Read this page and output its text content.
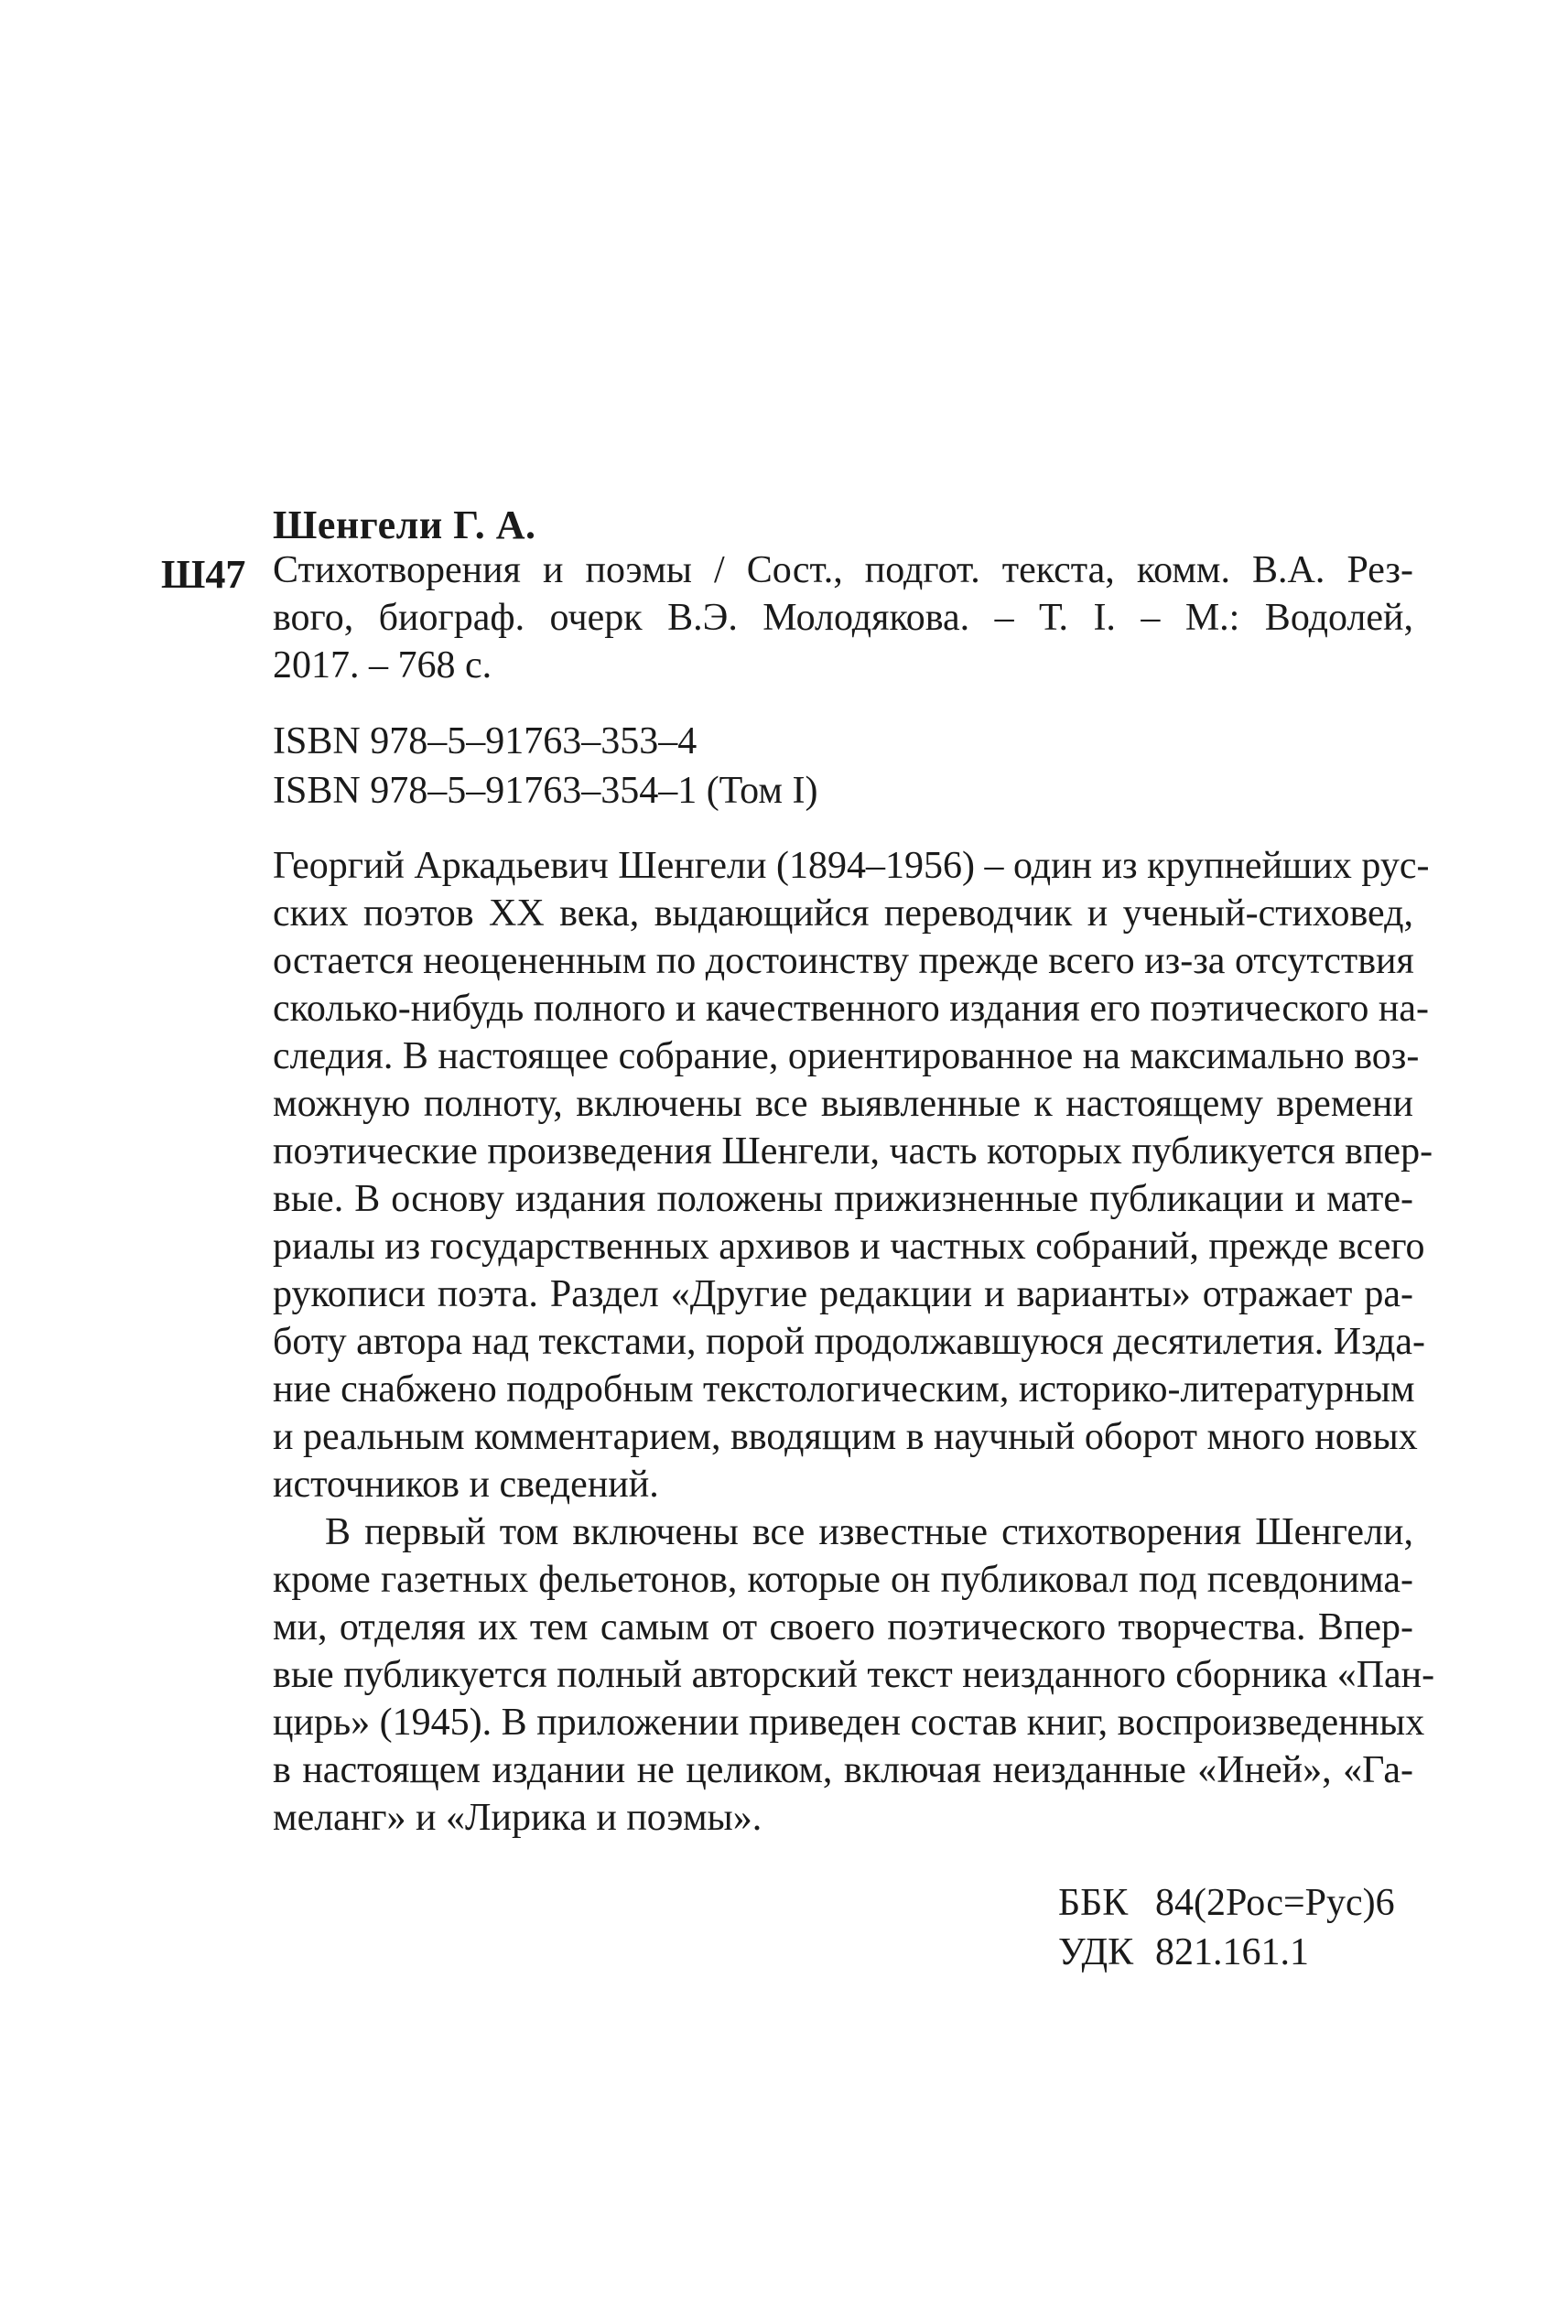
Шенгели Г. А.
Ш47 Стихотворения и поэмы / Сост., подгот. текста, комм. В.А. Рез-
вого, биограф. очерк В.Э. Молодякова. – Т. I. – М.: Водолей,
2017. – 768 с.
ISBN 978–5–91763–353–4
ISBN 978–5–91763–354–1 (Том I)
Георгий Аркадьевич Шенгели (1894–1956) – один из крупнейших рус-
ских поэтов XX века, выдающийся переводчик и ученый-стиховед,
остается неоцененным по достоинству прежде всего из-за отсутствия
сколько-нибудь полного и качественного издания его поэтического на-
следия. В настоящее собрание, ориентированное на максимально воз-
можную полноту, включены все выявленные к настоящему времени
поэтические произведения Шенгели, часть которых публикуется впер-
вые. В основу издания положены прижизненные публикации и мате-
риалы из государственных архивов и частных собраний, прежде всего
рукописи поэта. Раздел «Другие редакции и варианты» отражает ра-
боту автора над текстами, порой продолжавшуюся десятилетия. Изда-
ние снабжено подробным текстологическим, историко-литературным
и реальным комментарием, вводящим в научный оборот много новых
источников и сведений.
В первый том включены все известные стихотворения Шенгели,
кроме газетных фельетонов, которые он публиковал под псевдонима-
ми, отделяя их тем самым от своего поэтического творчества. Впер-
вые публикуется полный авторский текст неизданного сборника «Пан-
цирь» (1945). В приложении приведен состав книг, воспроизведенных
в настоящем издании не целиком, включая неизданные «Иней», «Га-
меланг» и «Лирика и поэмы».
ББК 84(2Рос=Рус)6
УДК 821.161.1
